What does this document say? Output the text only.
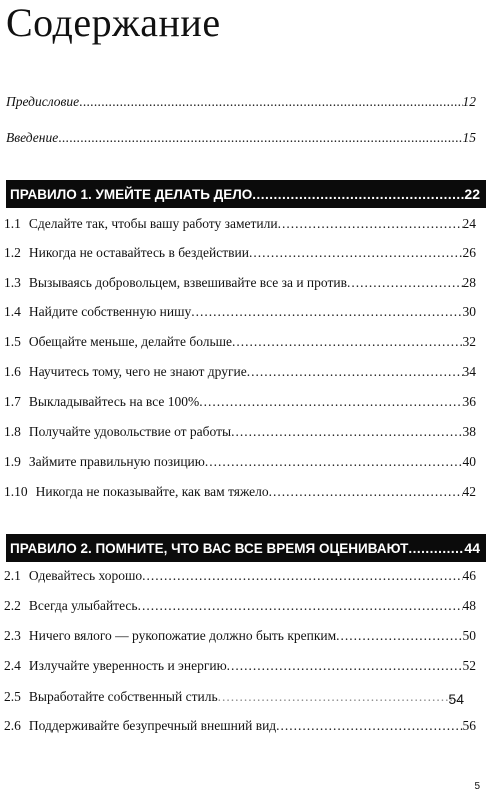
Содержание
Предисловие .....	12
Введение .....	15
ПРАВИЛО 1. УМЕЙТЕ ДЕЛАТЬ ДЕЛО .....	22
1.1 Сделайте так, чтобы вашу работу заметили .....	24
1.2 Никогда не оставайтесь в бездействии .....	26
1.3 Вызываясь добровольцем, взвешивайте все за и против .....	28
1.4 Найдите собственную нишу .....	30
1.5 Обещайте меньше, делайте больше .....	32
1.6 Научитесь тому, чего не знают другие .....	34
1.7 Выкладывайтесь на все 100% .....	36
1.8 Получайте удовольствие от работы .....	38
1.9 Займите правильную позицию .....	40
1.10 Никогда не показывайте, как вам тяжело .....	42
ПРАВИЛО 2. ПОМНИТЕ, ЧТО ВАС ВСЕ ВРЕМЯ ОЦЕНИВАЮТ .....	44
2.1 Одевайтесь хорошо .....	46
2.2 Всегда улыбайтесь .....	48
2.3 Ничего вялого — рукопожатие должно быть крепким .....	50
2.4 Излучайте уверенность и энергию .....	52
2.5 Выработайте собственный стиль .....	54
2.6 Поддерживайте безупречный внешний вид .....	56
5
